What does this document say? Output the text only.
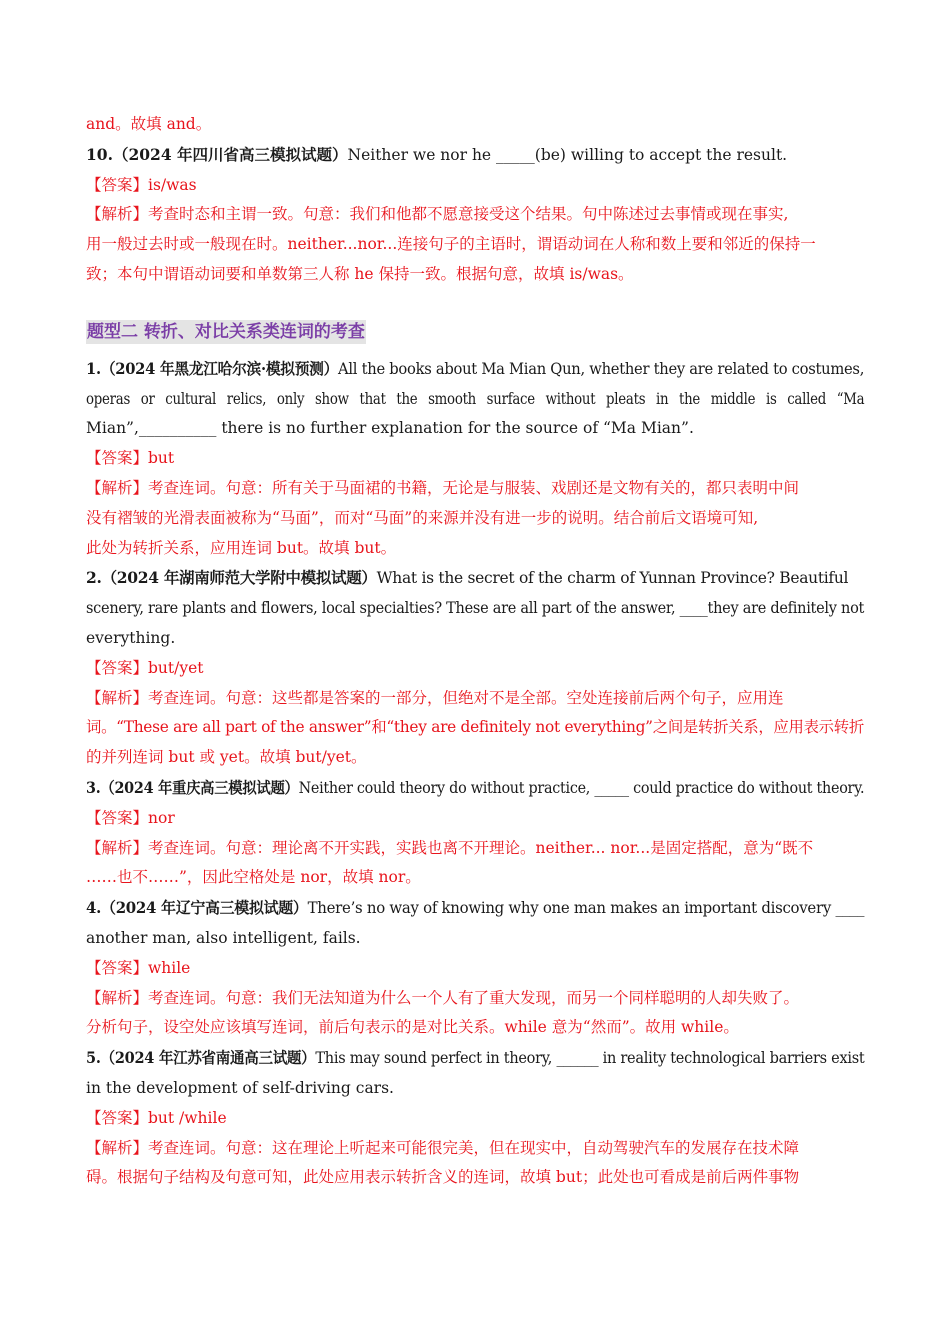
and。故填 and。
10.（2024 年四川省高三模拟试题）Neither we nor he _____(be) willing to accept the result.
【答案】is/was
【解析】考查时态和主谓一致。句意：我们和他都不愿意接受这个结果。句中陈述过去事情或现在事实,
用一般过去时或一般现在时。neither...nor...连接句子的主语时，谓语动词在人称和数上要和邻近的保持一
致；本句中谓语动词要和单数第三人称 he 保持一致。根据句意，故填 is/was。
题型二 转折、对比关系类连词的考查
1.（2024 年黑龙江哈尔滨·模拟预测）All the books about Ma Mian Qun, whether they are related to costumes,
operas or cultural relics, only show that the smooth surface without pleats in the middle is called “Ma
Mian”,__________ there is no further explanation for the source of “Ma Mian”.
【答案】but
【解析】考查连词。句意：所有关于马面裙的书籍，无论是与服装、戏剧还是文物有关的，都只表明中间
没有褶皱的光滑表面被称为“马面”，而对“马面”的来源并没有进一步的说明。结合前后文语境可知,
此处为转折关系，应用连词 but。故填 but。
2.（2024 年湖南师范大学附中模拟试题）What is the secret of the charm of Yunnan Province? Beautiful
scenery, rare plants and flowers, local specialties? These are all part of the answer, ____they are definitely not
everything.
【答案】but/yet
【解析】考查连词。句意：这些都是答案的一部分，但绝对不是全部。空处连接前后两个句子，应用连
词。“These are all part of the answer”和“they are definitely not everything”之间是转折关系，应用表示转折
的并列连词 but 或 yet。故填 but/yet。
3.（2024 年重庆高三模拟试题）Neither could theory do without practice, _____ could practice do without theory.
【答案】nor
【解析】考查连词。句意：理论离不开实践，实践也离不开理论。neither... nor...是固定搭配，意为“既不
……也不……”，因此空格处是 nor，故填 nor。
4.（2024 年辽宁高三模拟试题）There’s no way of knowing why one man makes an important discovery ____
another man, also intelligent, fails.
【答案】while
【解析】考查连词。句意：我们无法知道为什么一个人有了重大发现，而另一个同样聪明的人却失败了。
分析句子，设空处应该填写连词，前后句表示的是对比关系。while 意为“然而”。故用 while。
5.（2024 年江苏省南通高三试题）This may sound perfect in theory, ______ in reality technological barriers exist
in the development of self-driving cars.
【答案】but /while
【解析】考查连词。句意：这在理论上听起来可能很完美，但在现实中，自动驾驶汽车的发展存在技术障
碍。根据句子结构及句意可知，此处应用表示转折含义的连词，故填 but；此处也可看成是前后两件事物
